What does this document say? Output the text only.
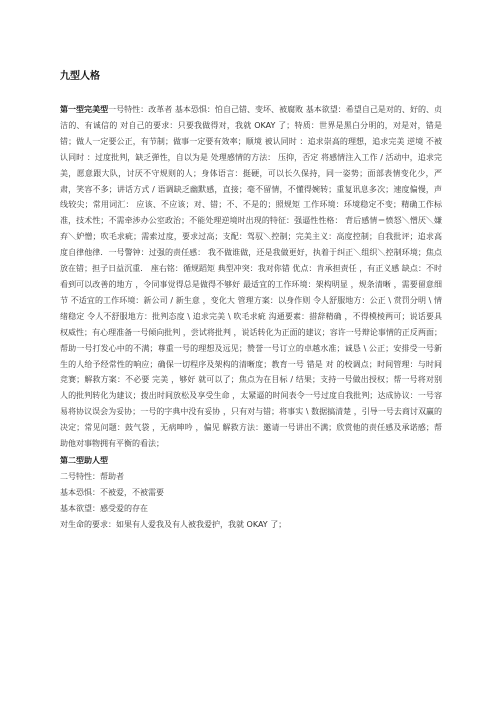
九型人格

第一型完美型一号特性：改革者 基本恐惧：怕自己错、变坏、被腐败 基本欲望：希望自己是对的、好的、贞洁的、有诚信的 对自己的要求：只要我做得对，我就 OKAY 了；特质：世界是黑白分明的，对是对，错是错；做人一定要公正，有节制；做事一定要有效率；顺境 被认同时 ：追求崇高的理想，追求完美 逆境 不被认同时 ：过度批判，缺乏弹性，自以为是 处理感情的方法： 压抑，否定 将感情注入工作 / 活动中，追求完美，愿意跟大队，讨厌不守规则的人；身体语言：挺硬，可以长久保持，同一姿势；面部表情变化少，严肃，笑容不多；讲话方式 / 语调缺乏幽默感，直接；毫不留情，不懂得婉转；重复讯息多次；速度偏慢，声线较尖；常用词汇： 应该、不应该；对、错；不、不是的；照规矩 工作环境：环境稳定不变；精确工作标准，技术性；不需牵涉办公室政治；不能处理逆境时出现的特征：强逼性性格： 背后感情＝愤怒＼憎厌＼嫌弃＼妒憎；吹毛求疵；需索过度，要求过高；支配：驾驭＼控制；完美主义：高度控制；自我批评；追求高度自律他律．一号警钟：过强的责任感： 我不做谁做，还是我做更好，执着于纠正＼组织＼控制环境；焦点放在错；担子日益沉重． 座右铭：循规蹈矩 典型冲突：我对你错 优点：肯承担责任 ，有正义感 缺点：不时看到可以改善的地方 ，令同事觉得总是做得不够好 最适宜的工作环境：架构明显 ，规条清晰 ，需要留意细节 不适宜的工作环境：新公司 / 新生意 ，变化大 管理方案：以身作则 令人舒服地方：公正 \ 赏罚分明 \ 情绪稳定 令人不舒服地方：批判态度 \ 追求完美 \ 吹毛求疵 沟通要素：措辞精确 ，不得模棱两可；说话要具权威性；有心理准备一号倾向批判 ，尝试将批判 ，说话转化为正面的建议；容许一号辩论事情的正反两面；帮助一号打发心中的不满；尊重一号的理想及远见；赞誉一号订立的卓越水准；诚恳 \ 公正；安排受一号新生的人给予经常性的响应；确保一切程序及架构的清晰度；教育一号 错是 对 的校调点；时间管理：与时间竞赛；解救方案：不必要 完美 ，够好 就可以了；焦点为在目标 / 结果；支持一号做出授权；帮一号将对别人的批判转化为建议；拨出时间放松及享受生命 ，太紧逼的时间表令一号过度自我批判；达成协议：一号容易将协议误会为妥协；一号的字典中没有妥协 ，只有对与错；将事实 \ 数据搞清楚 ，引导一号去商讨双赢的决定；常见问题：鼓气袋 ，无病呻吟 ，偏见 解救方法：邀请一号讲出不满；欣赏他的责任感及承诺感；帮助他对事物拥有平衡的看法；

第二型助人型
二号特性：帮助者
基本恐惧：不被爱，不被需要
基本欲望：感受爱的存在
对生命的要求：如果有人爱我及有人被我爱护，我就 OKAY 了；
